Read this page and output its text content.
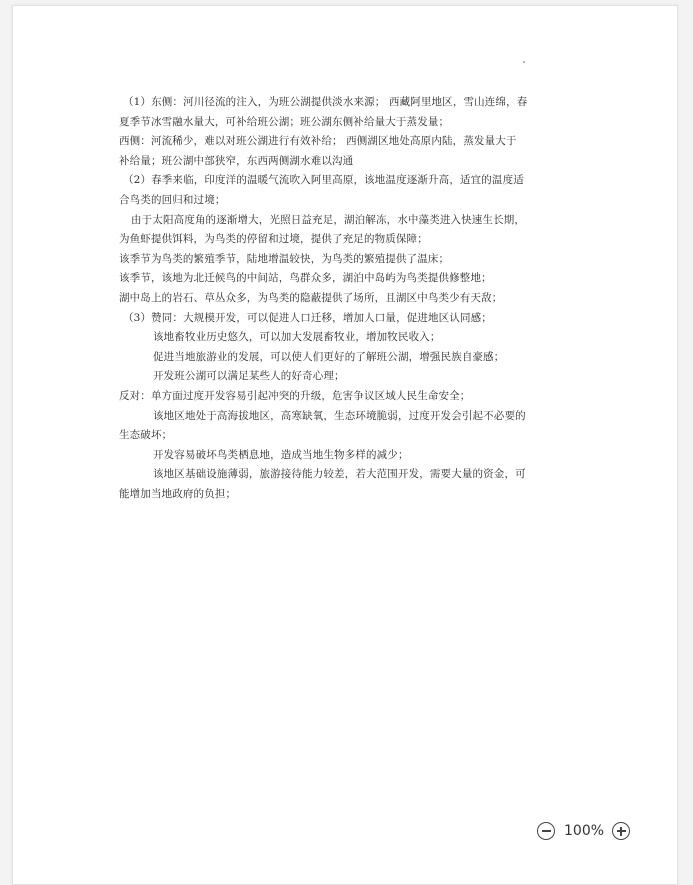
（1）东侧：河川径流的注入，为班公湖提供淡水来源； 西藏阿里地区，雪山连绵，春
夏季节冰雪融水量大，可补给班公湖；班公湖东侧补给量大于蒸发量；
西侧：河流稀少，难以对班公湖进行有效补给； 西侧湖区地处高原内陆，蒸发量大于
补给量；班公湖中部狭窄，东西两侧湖水难以沟通
（2）春季来临，印度洋的温暖气流吹入阿里高原，该地温度逐渐升高，适宜的温度适
合鸟类的回归和过境；
由于太阳高度角的逐渐增大，光照日益充足，湖泊解冻，水中藻类进入快速生长期，
为鱼虾提供饵料，为鸟类的停留和过境，提供了充足的物质保障；
该季节为鸟类的繁殖季节，陆地增温较快，为鸟类的繁殖提供了温床；
该季节，该地为北迁候鸟的中间站，鸟群众多，湖泊中岛屿为鸟类提供修整地；
湖中岛上的岩石、草丛众多，为鸟类的隐蔽提供了场所，且湖区中鸟类少有天敌；
（3）赞同：大规模开发，可以促进人口迁移，增加人口量，促进地区认同感；
该地畜牧业历史悠久，可以加大发展畜牧业，增加牧民收入；
促进当地旅游业的发展，可以使人们更好的了解班公湖，增强民族自豪感；
开发班公湖可以满足某些人的好奇心理；
反对：单方面过度开发容易引起冲突的升级，危害争议区域人民生命安全；
该地区地处于高海拔地区，高寒缺氧，生态环境脆弱，过度开发会引起不必要的
生态破坏；
开发容易破坏鸟类栖息地，造成当地生物多样的减少；
该地区基础设施薄弱，旅游接待能力较差，若大范围开发，需要大量的资金，可
能增加当地政府的负担；
100%
